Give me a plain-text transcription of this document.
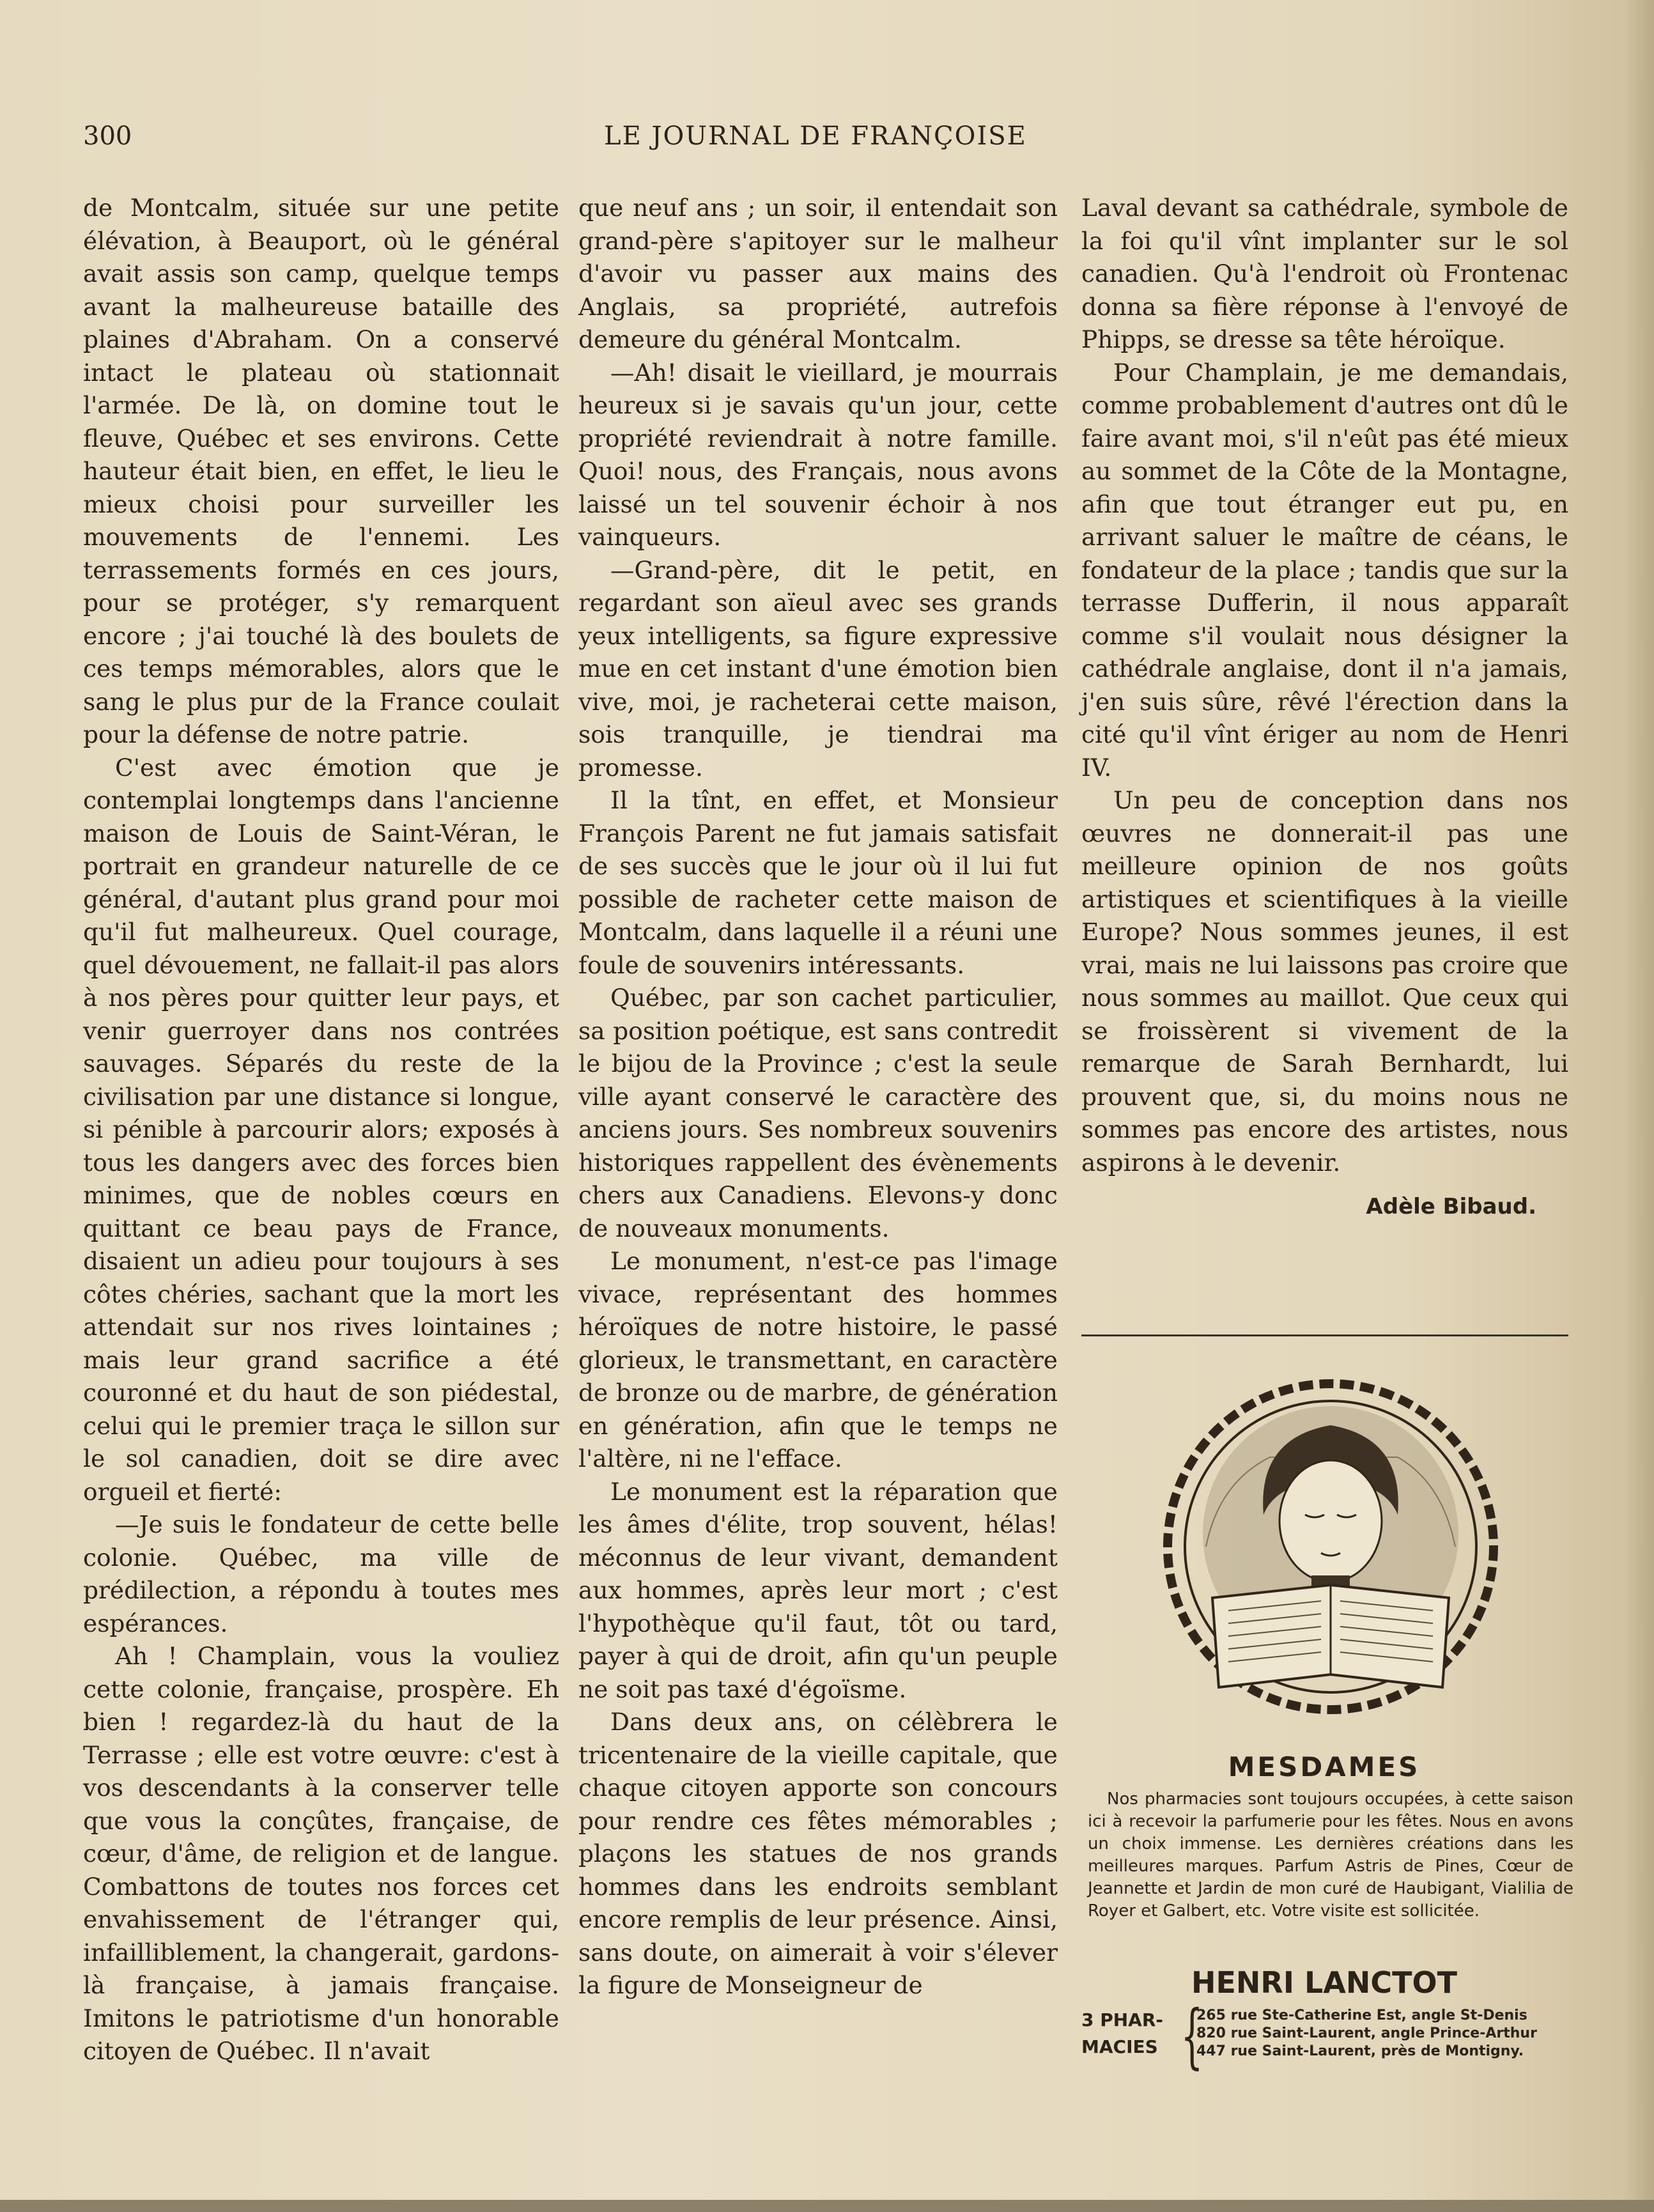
300	LE JOURNAL DE FRANÇOISE

de Montcalm, située sur une petite élévation, à Beauport, où le général avait assis son camp, quelque temps avant la malheureuse bataille des plaines d'Abraham. On a conservé intact le plateau où stationnait l'armée. De là, on domine tout le fleuve, Québec et ses environs. Cette hauteur était bien, en effet, le lieu le mieux choisi pour surveiller les mouvements de l'ennemi. Les terrassements formés en ces jours, pour se protéger, s'y remarquent encore ; j'ai touché là des boulets de ces temps mémorables, alors que le sang le plus pur de la France coulait pour la défense de notre patrie.

C'est avec émotion que je contemplai longtemps dans l'ancienne maison de Louis de Saint-Véran, le portrait en grandeur naturelle de ce général, d'autant plus grand pour moi qu'il fut malheureux. Quel courage, quel dévouement, ne fallait-il pas alors à nos pères pour quitter leur pays, et venir guerroyer dans nos contrées sauvages. Séparés du reste de la civilisation par une distance si longue, si pénible à parcourir alors; exposés à tous les dangers avec des forces bien minimes, que de nobles cœurs en quittant ce beau pays de France, disaient un adieu pour toujours à ses côtes chéries, sachant que la mort les attendait sur nos rives lointaines ; mais leur grand sacrifice a été couronné et du haut de son piédestal, celui qui le premier traça le sillon sur le sol canadien, doit se dire avec orgueil et fierté:

—Je suis le fondateur de cette belle colonie. Québec, ma ville de prédilection, a répondu à toutes mes espérances.

Ah ! Champlain, vous la vouliez cette colonie, française, prospère. Eh bien ! regardez-là du haut de la Terrasse ; elle est votre œuvre: c'est à vos descendants à la conserver telle que vous la conçûtes, française, de cœur, d'âme, de religion et de langue. Combattons de toutes nos forces cet envahissement de l'étranger qui, infailliblement, la changerait, gardons-là française, à jamais française. Imitons le patriotisme d'un honorable citoyen de Québec. Il n'avait

que neuf ans ; un soir, il entendait son grand-père s'apitoyer sur le malheur d'avoir vu passer aux mains des Anglais, sa propriété, autrefois demeure du général Montcalm.

—Ah! disait le vieillard, je mourrais heureux si je savais qu'un jour, cette propriété reviendrait à notre famille. Quoi! nous, des Français, nous avons laissé un tel souvenir échoir à nos vainqueurs.

—Grand-père, dit le petit, en regardant son aïeul avec ses grands yeux intelligents, sa figure expressive mue en cet instant d'une émotion bien vive, moi, je racheterai cette maison, sois tranquille, je tiendrai ma promesse.

Il la tînt, en effet, et Monsieur François Parent ne fut jamais satisfait de ses succès que le jour où il lui fut possible de racheter cette maison de Montcalm, dans laquelle il a réuni une foule de souvenirs intéressants.

Québec, par son cachet particulier, sa position poétique, est sans contredit le bijou de la Province ; c'est la seule ville ayant conservé le caractère des anciens jours. Ses nombreux souvenirs historiques rappellent des évènements chers aux Canadiens. Elevons-y donc de nouveaux monuments.

Le monument, n'est-ce pas l'image vivace, représentant des hommes héroïques de notre histoire, le passé glorieux, le transmettant, en caractère de bronze ou de marbre, de génération en génération, afin que le temps ne l'altère, ni ne l'efface.

Le monument est la réparation que les âmes d'élite, trop souvent, hélas! méconnus de leur vivant, demandent aux hommes, après leur mort ; c'est l'hypothèque qu'il faut, tôt ou tard, payer à qui de droit, afin qu'un peuple ne soit pas taxé d'égoïsme.

Dans deux ans, on célèbrera le tricentenaire de la vieille capitale, que chaque citoyen apporte son concours pour rendre ces fêtes mémorables ; plaçons les statues de nos grands hommes dans les endroits semblant encore remplis de leur présence. Ainsi, sans doute, on aimerait à voir s'élever la figure de Monseigneur de

Laval devant sa cathédrale, symbole de la foi qu'il vînt implanter sur le sol canadien. Qu'à l'endroit où Frontenac donna sa fière réponse à l'envoyé de Phipps, se dresse sa tête héroïque.

Pour Champlain, je me demandais, comme probablement d'autres ont dû le faire avant moi, s'il n'eût pas été mieux au sommet de la Côte de la Montagne, afin que tout étranger eut pu, en arrivant saluer le maître de céans, le fondateur de la place ; tandis que sur la terrasse Dufferin, il nous apparaît comme s'il voulait nous désigner la cathédrale anglaise, dont il n'a jamais, j'en suis sûre, rêvé l'érection dans la cité qu'il vînt ériger au nom de Henri IV.

Un peu de conception dans nos œuvres ne donnerait-il pas une meilleure opinion de nos goûts artistiques et scientifiques à la vieille Europe? Nous sommes jeunes, il est vrai, mais ne lui laissons pas croire que nous sommes au maillot. Que ceux qui se froissèrent si vivement de la remarque de Sarah Bernhardt, lui prouvent que, si, du moins nous ne sommes pas encore des artistes, nous aspirons à le devenir.

Adèle Bibaud.
MESDAMES
Nos pharmacies sont toujours occupées, à cette saison ici à recevoir la parfumerie pour les fêtes. Nous en avons un choix immense. Les dernières créations dans les meilleures marques. Parfum Astris de Pines, Cœur de Jeannette et Jardin de mon curé de Haubigant, Vialilia de Royer et Galbert, etc. Votre visite est sollicitée.
HENRI LANCTOT
3 PHAR- MACIES {
265 rue Ste-Catherine Est, angle St-Denis
820 rue Saint-Laurent, angle Prince-Arthur
447 rue Saint-Laurent, près de Montigny.
